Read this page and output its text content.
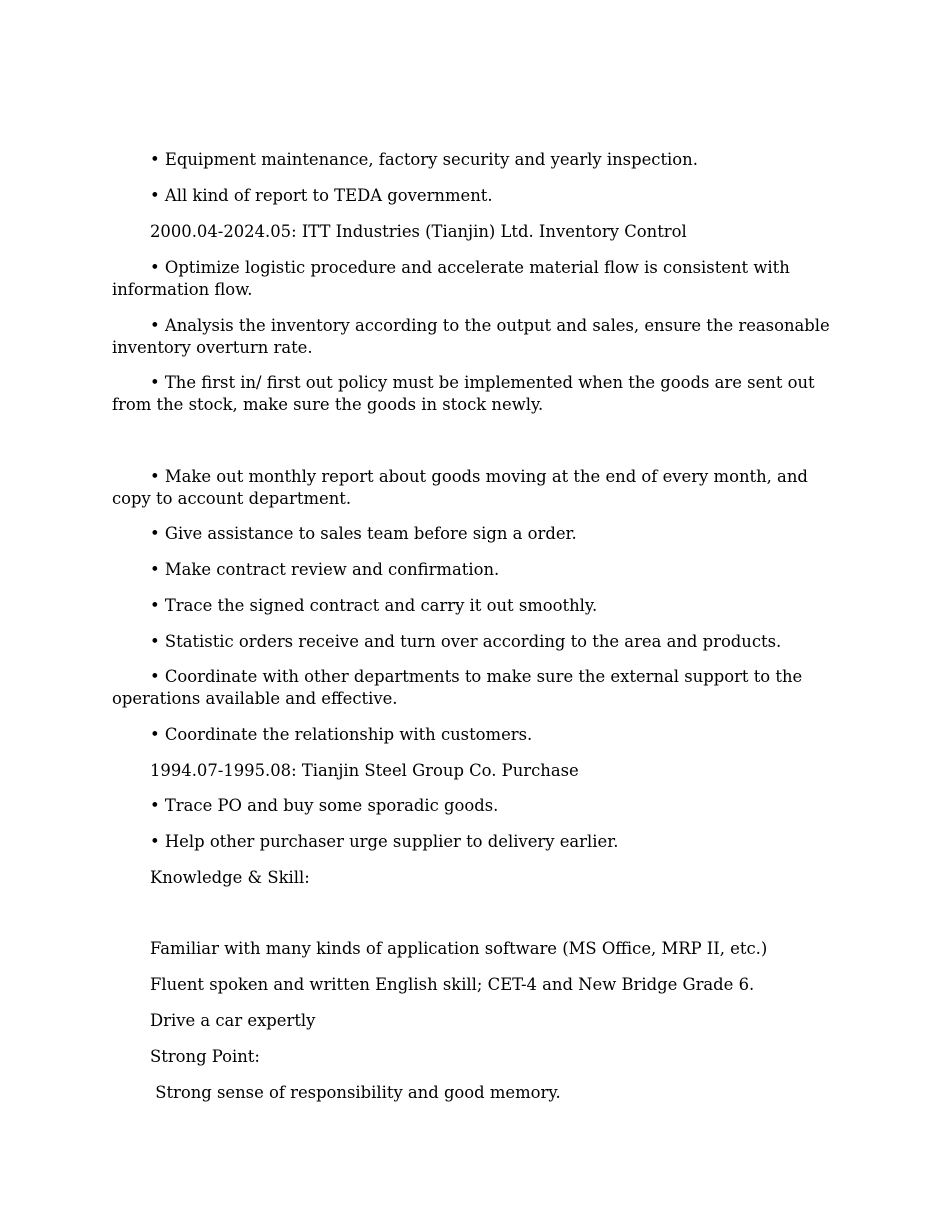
• Equipment maintenance, factory security and yearly inspection.

• All kind of report to TEDA government.

2000.04-2024.05: ITT Industries (Tianjin) Ltd. Inventory Control

• Optimize logistic procedure and accelerate material flow is consistent with information flow.

• Analysis the inventory according to the output and sales, ensure the reasonable inventory overturn rate.

• The first in/ first out policy must be implemented when the goods are sent out from the stock, make sure the goods in stock newly.

• Make out monthly report about goods moving at the end of every month, and copy to account department.

• Give assistance to sales team before sign a order.

• Make contract review and confirmation.

• Trace the signed contract and carry it out smoothly.

• Statistic orders receive and turn over according to the area and products.

• Coordinate with other departments to make sure the external support to the operations available and effective.

• Coordinate the relationship with customers.

1994.07-1995.08: Tianjin Steel Group Co. Purchase

• Trace PO and buy some sporadic goods.

• Help other purchaser urge supplier to delivery earlier.

Knowledge & Skill:

Familiar with many kinds of application software (MS Office, MRP II, etc.)

Fluent spoken and written English skill; CET-4 and New Bridge Grade 6.

Drive a car expertly

Strong Point:

Strong sense of responsibility and good memory.
